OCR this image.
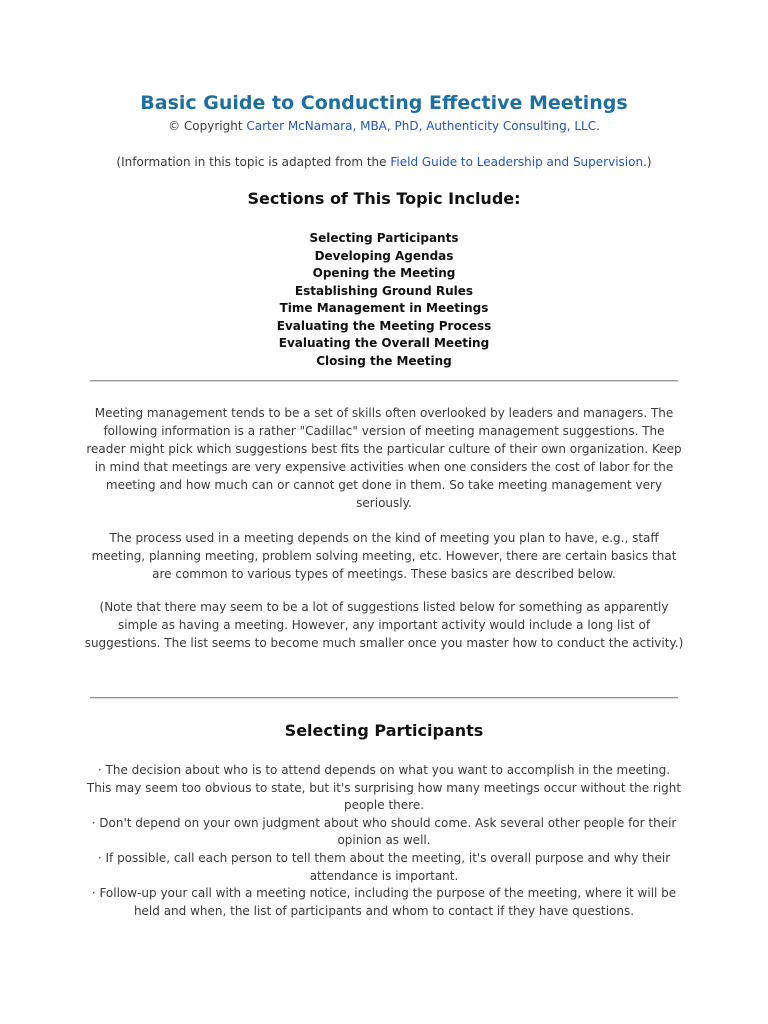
Basic Guide to Conducting Effective Meetings
© Copyright Carter McNamara, MBA, PhD, Authenticity Consulting, LLC.
(Information in this topic is adapted from the Field Guide to Leadership and Supervision.)
Sections of This Topic Include:
Selecting Participants
Developing Agendas
Opening the Meeting
Establishing Ground Rules
Time Management in Meetings
Evaluating the Meeting Process
Evaluating the Overall Meeting
Closing the Meeting

Meeting management tends to be a set of skills often overlooked by leaders and managers. The following information is a rather "Cadillac" version of meeting management suggestions. The reader might pick which suggestions best fits the particular culture of their own organization. Keep in mind that meetings are very expensive activities when one considers the cost of labor for the meeting and how much can or cannot get done in them. So take meeting management very seriously.

The process used in a meeting depends on the kind of meeting you plan to have, e.g., staff meeting, planning meeting, problem solving meeting, etc. However, there are certain basics that are common to various types of meetings. These basics are described below.

(Note that there may seem to be a lot of suggestions listed below for something as apparently simple as having a meeting. However, any important activity would include a long list of suggestions. The list seems to become much smaller once you master how to conduct the activity.)

Selecting Participants
· The decision about who is to attend depends on what you want to accomplish in the meeting. This may seem too obvious to state, but it's surprising how many meetings occur without the right people there.
· Don't depend on your own judgment about who should come. Ask several other people for their opinion as well.
· If possible, call each person to tell them about the meeting, it's overall purpose and why their attendance is important.
· Follow-up your call with a meeting notice, including the purpose of the meeting, where it will be held and when, the list of participants and whom to contact if they have questions.
